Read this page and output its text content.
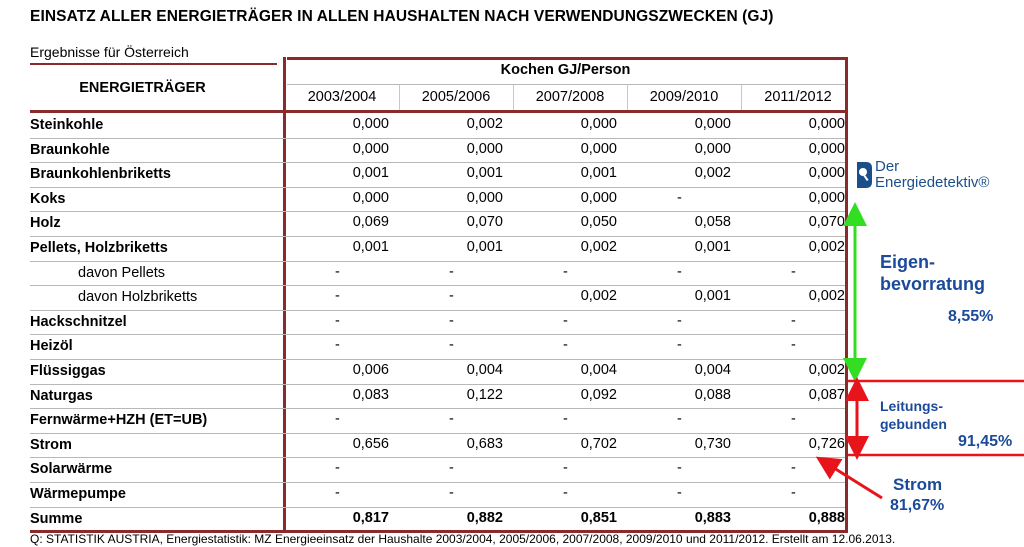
EINSATZ ALLER ENERGIETRÄGER IN ALLEN HAUSHALTEN NACH VERWENDUNGSZWECKEN (GJ)
Ergebnisse für Österreich
ENERGIETRÄGER
Kochen GJ/Person
2003/2004	2005/2006	2007/2008	2009/2010	2011/2012
Steinkohle	0,000	0,002	0,000	0,000	0,000
Braunkohle	0,000	0,000	0,000	0,000	0,000
Braunkohlenbriketts	0,001	0,001	0,001	0,002	0,000
Koks	0,000	0,000	0,000	-	0,000
Holz	0,069	0,070	0,050	0,058	0,070
Pellets, Holzbriketts	0,001	0,001	0,002	0,001	0,002
davon Pellets	-	-	-	-	-
davon Holzbriketts	-	-	0,002	0,001	0,002
Hackschnitzel	-	-	-	-	-
Heizöl	-	-	-	-	-
Flüssiggas	0,006	0,004	0,004	0,004	0,002
Naturgas	0,083	0,122	0,092	0,088	0,087
Fernwärme+HZH (ET=UB)	-	-	-	-	-
Strom	0,656	0,683	0,702	0,730	0,726
Solarwärme	-	-	-	-	-
Wärmepumpe	-	-	-	-	-
Summe	0,817	0,882	0,851	0,883	0,888
Q: STATISTIK AUSTRIA, Energiestatistik: MZ Energieeinsatz der Haushalte 2003/2004, 2005/2006, 2007/2008, 2009/2010 und 2011/2012. Erstellt am 12.06.2013.
Der
Energiedetektiv®
Eigen-
bevorratung
8,55%
Leitungs-
gebunden
91,45%
Strom
81,67%
